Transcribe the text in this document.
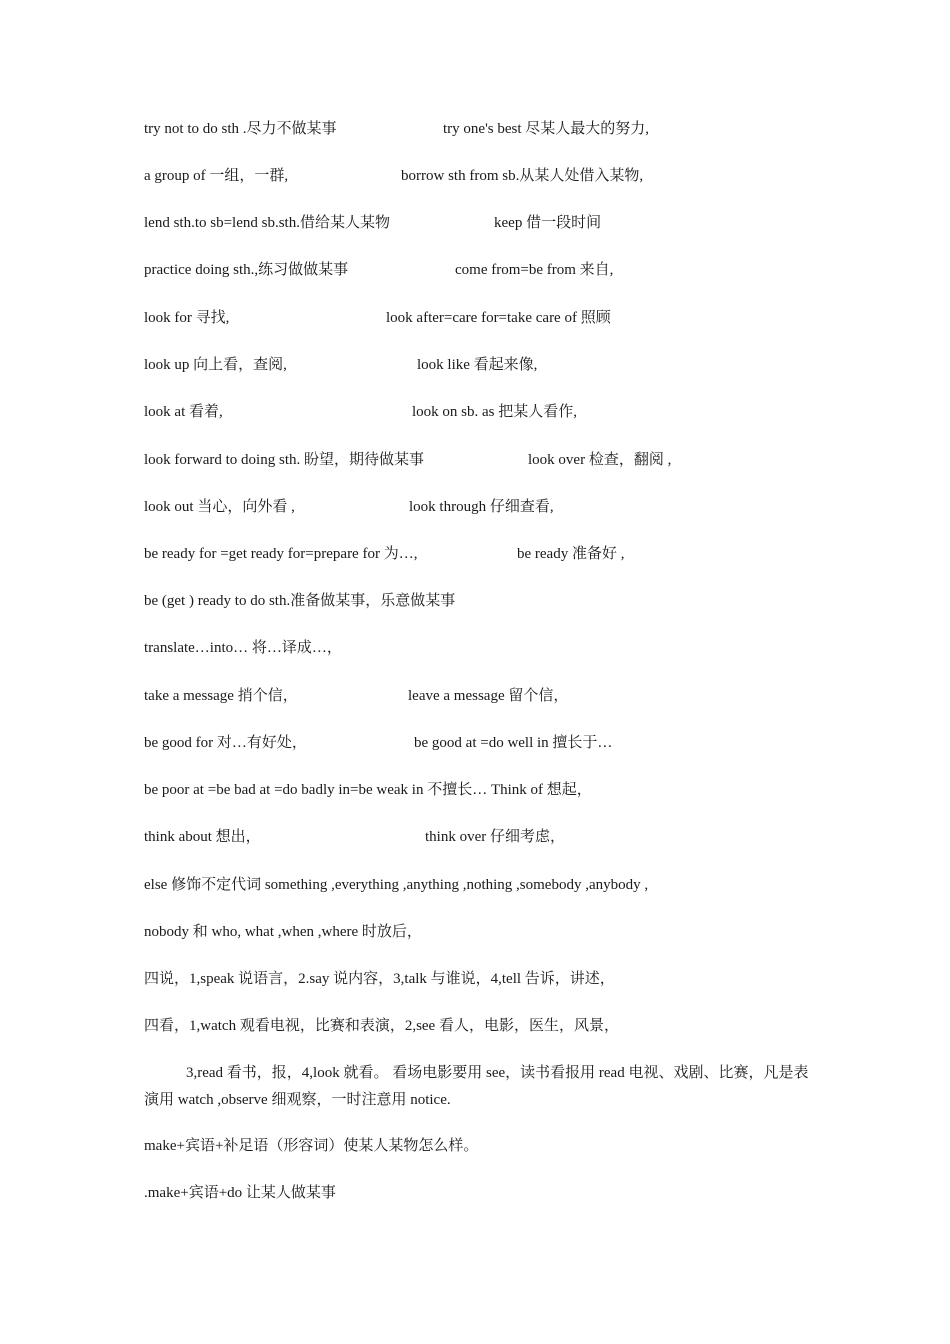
try not to do sth .尽力不做某事	try one's best 尽某人最大的努力,
a group of 一组，一群,	borrow sth from sb.从某人处借入某物,
lend sth.to sb=lend sb.sth.借给某人某物	keep 借一段时间
practice doing sth.,练习做做某事	come from=be from 来自,
look for 寻找,	look after=care for=take care of 照顾
look up 向上看，查阅,	look like 看起来像,
look at 看着,	look on sb. as 把某人看作,
look forward to doing sth. 盼望，期待做某事	look over 检查，翻阅 ,
look out 当心，向外看 ,	look through 仔细查看,
be ready for =get ready for=prepare for 为…,	be ready 准备好 ,
be (get ) ready to do sth.准备做某事，乐意做某事
translate…into… 将…译成…，
take a message 捎个信，	leave a message 留个信，
be good for 对…有好处，	be good at =do well in 擅长于…
be poor at =be bad at =do badly in=be weak in 不擅长… Think of 想起，
think about 想出，	think over 仔细考虑，
else 修饰不定代词 something ,everything ,anything ,nothing ,somebody ,anybody ,
nobody 和 who, what ,when ,where 时放后，
四说，1,speak 说语言，2.say 说内容，3,talk 与谁说，4,tell 告诉，讲述，
四看，1,watch 观看电视，比赛和表演，2,see 看人，电影，医生，风景，
3,read 看书，报，4,look 就看。 看场电影要用 see，读书看报用 read 电视、戏剧、比赛，凡是表演用 watch ,observe 细观察，一时注意用 notice.
make+宾语+补足语（形容词）使某人某物怎么样。
.make+宾语+do 让某人做某事
